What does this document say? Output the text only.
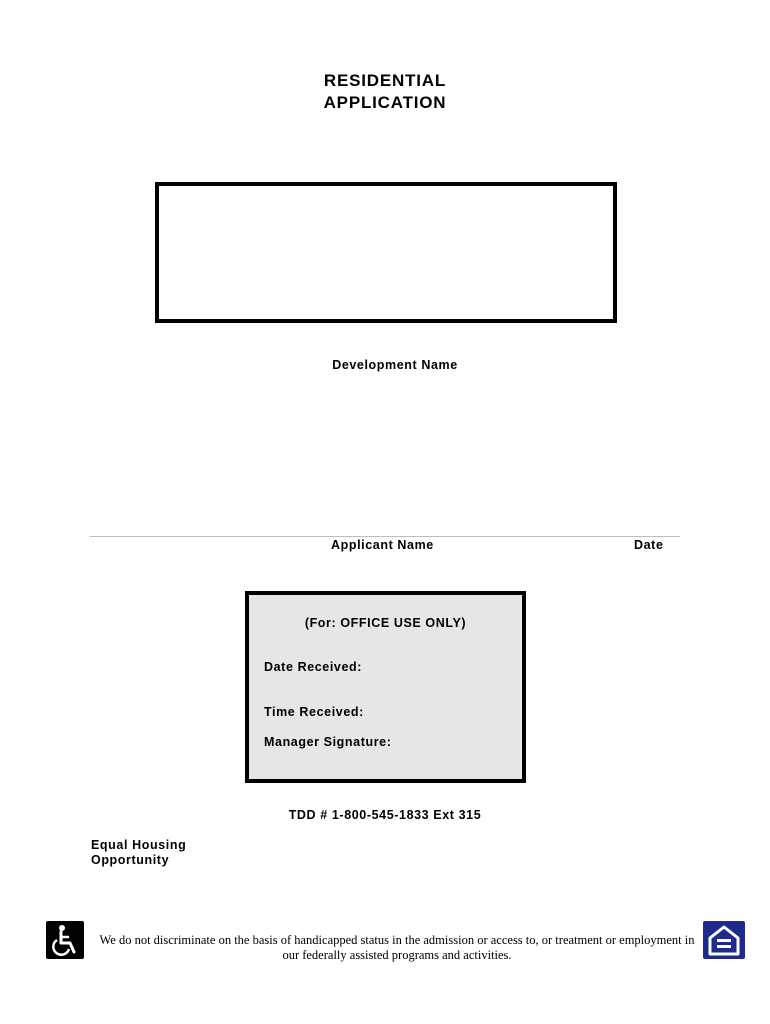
RESIDENTIAL
APPLICATION
Development Name
Applicant Name	Date
(For: OFFICE USE ONLY)
Date Received:
Time Received:
Manager Signature:
TDD # 1-800-545-1833 Ext 315
Equal Housing
Opportunity
We do not discriminate on the basis of handicapped status in the admission or access to, or treatment or employment in
our federally assisted programs and activities.
